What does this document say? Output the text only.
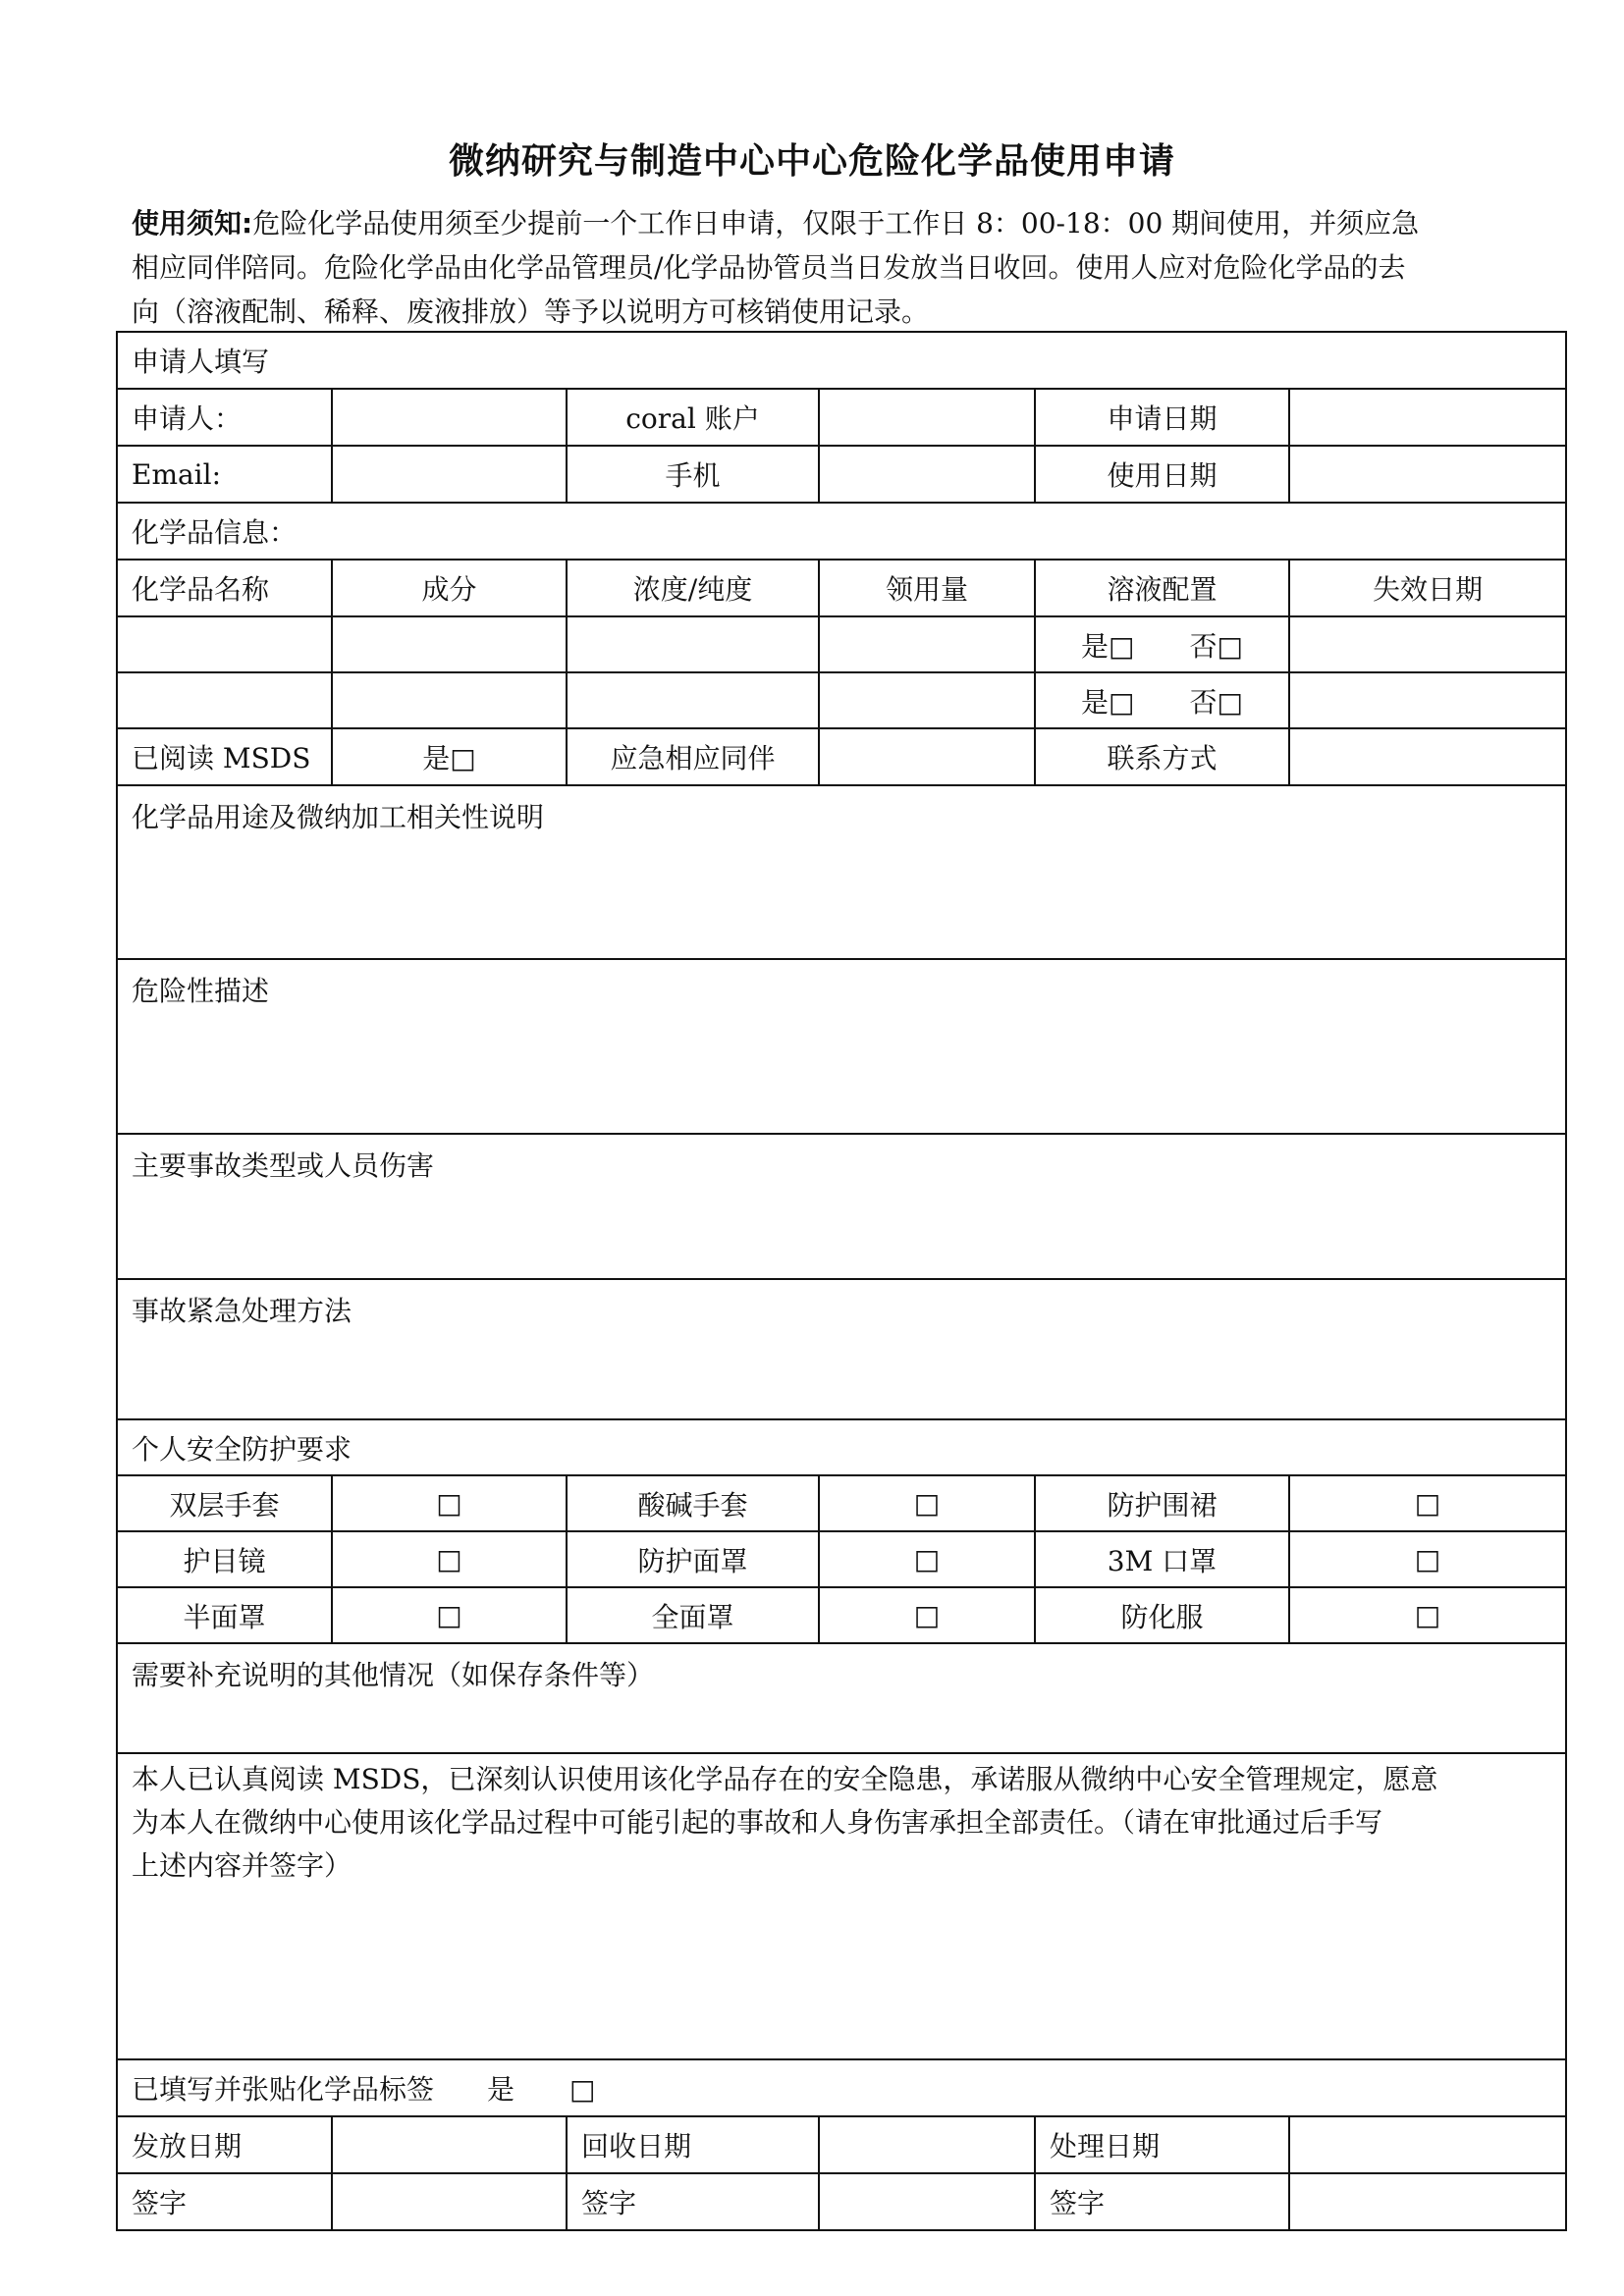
微纳研究与制造中心中心危险化学品使用申请
使用须知:危险化学品使用须至少提前一个工作日申请，仅限于工作日 8：00-18：00 期间使用，并须应急
相应同伴陪同。危险化学品由化学品管理员/化学品协管员当日发放当日收回。使用人应对危险化学品的去
向（溶液配制、稀释、废液排放）等予以说明方可核销使用记录。
申请人填写					
申请人：		coral 账户		申请日期	
Email:		手机		使用日期	
化学品信息：					
化学品名称	成分	浓度/纯度	领用量	溶液配置	失效日期
				是□　　否□	
				是□　　否□	
已阅读 MSDS	是□	应急相应同伴		联系方式	
化学品用途及微纳加工相关性说明					
危险性描述					
主要事故类型或人员伤害					
事故紧急处理方法					
个人安全防护要求					
双层手套	□	酸碱手套	□	防护围裙	□
护目镜	□	防护面罩	□	3M 口罩	□
半面罩	□	全面罩	□	防化服	□
需要补充说明的其他情况（如保存条件等）					

本人已认真阅读 MSDS，已深刻认识使用该化学品存在的安全隐患，承诺服从微纳中心安全管理规定，愿意
为本人在微纳中心使用该化学品过程中可能引起的事故和人身伤害承担全部责任。（请在审批通过后手写
上述内容并签字）					

已填写并张贴化学品标签 是 □					
发放日期		回收日期		处理日期	
签字		签字		签字	
